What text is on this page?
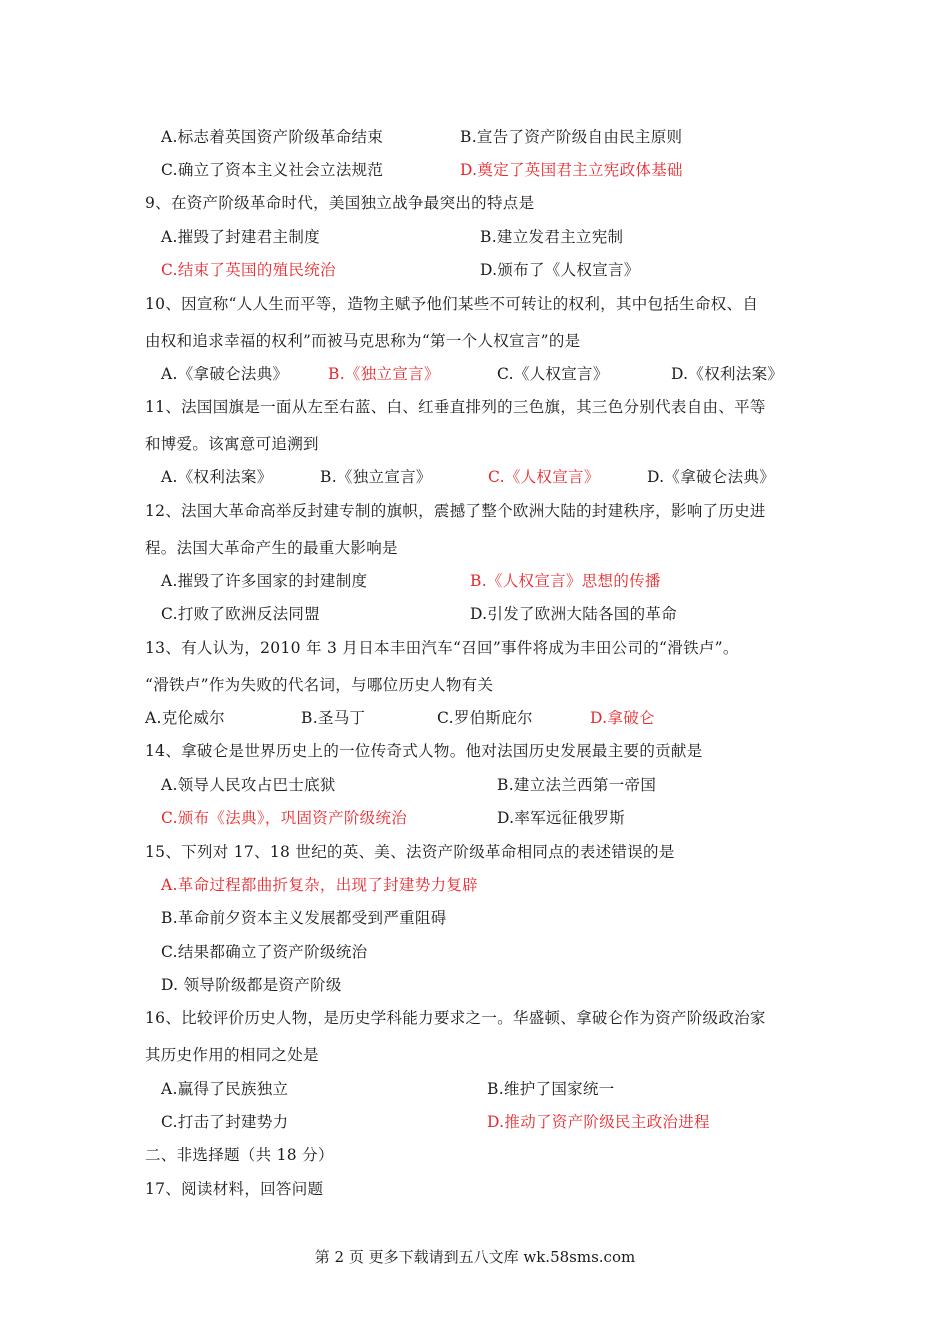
A.标志着英国资产阶级革命结束	B.宣告了资产阶级自由民主原则
C.确立了资本主义社会立法规范	D.奠定了英国君主立宪政体基础
9、在资产阶级革命时代，美国独立战争最突出的特点是
A.摧毁了封建君主制度	B.建立发君主立宪制
C.结束了英国的殖民统治	D.颁布了《人权宣言》
10、因宣称“人人生而平等，造物主赋予他们某些不可转让的权利，其中包括生命权、自
由权和追求幸福的权利”而被马克思称为“第一个人权宣言”的是
A.《拿破仑法典》	B.《独立宣言》	C.《人权宣言》	D.《权利法案》
11、法国国旗是一面从左至右蓝、白、红垂直排列的三色旗，其三色分别代表自由、平等
和博爱。该寓意可追溯到
A.《权利法案》	B.《独立宣言》	C.《人权宣言》	D.《拿破仑法典》
12、法国大革命高举反封建专制的旗帜，震撼了整个欧洲大陆的封建秩序，影响了历史进
程。法国大革命产生的最重大影响是
A.摧毁了许多国家的封建制度	B.《人权宣言》思想的传播
C.打败了欧洲反法同盟	D.引发了欧洲大陆各国的革命
13、有人认为，2010 年 3 月日本丰田汽车“召回”事件将成为丰田公司的“滑铁卢”。
“滑铁卢”作为失败的代名词，与哪位历史人物有关
A.克伦威尔	B.圣马丁	C.罗伯斯庇尔	D.拿破仑
14、拿破仑是世界历史上的一位传奇式人物。他对法国历史发展最主要的贡献是
A.领导人民攻占巴士底狱	B.建立法兰西第一帝国
C.颁布《法典》，巩固资产阶级统治	D.率军远征俄罗斯
15、下列对 17、18 世纪的英、美、法资产阶级革命相同点的表述错误的是
A.革命过程都曲折复杂，出现了封建势力复辟
B.革命前夕资本主义发展都受到严重阻碍
C.结果都确立了资产阶级统治
D. 领导阶级都是资产阶级
16、比较评价历史人物，是历史学科能力要求之一。华盛顿、拿破仑作为资产阶级政治家
其历史作用的相同之处是
A.赢得了民族独立	B.维护了国家统一
C.打击了封建势力	D.推动了资产阶级民主政治进程
二、非选择题（共 18 分）
17、阅读材料，回答问题
第 2 页 更多下载请到五八文库 wk.58sms.com
